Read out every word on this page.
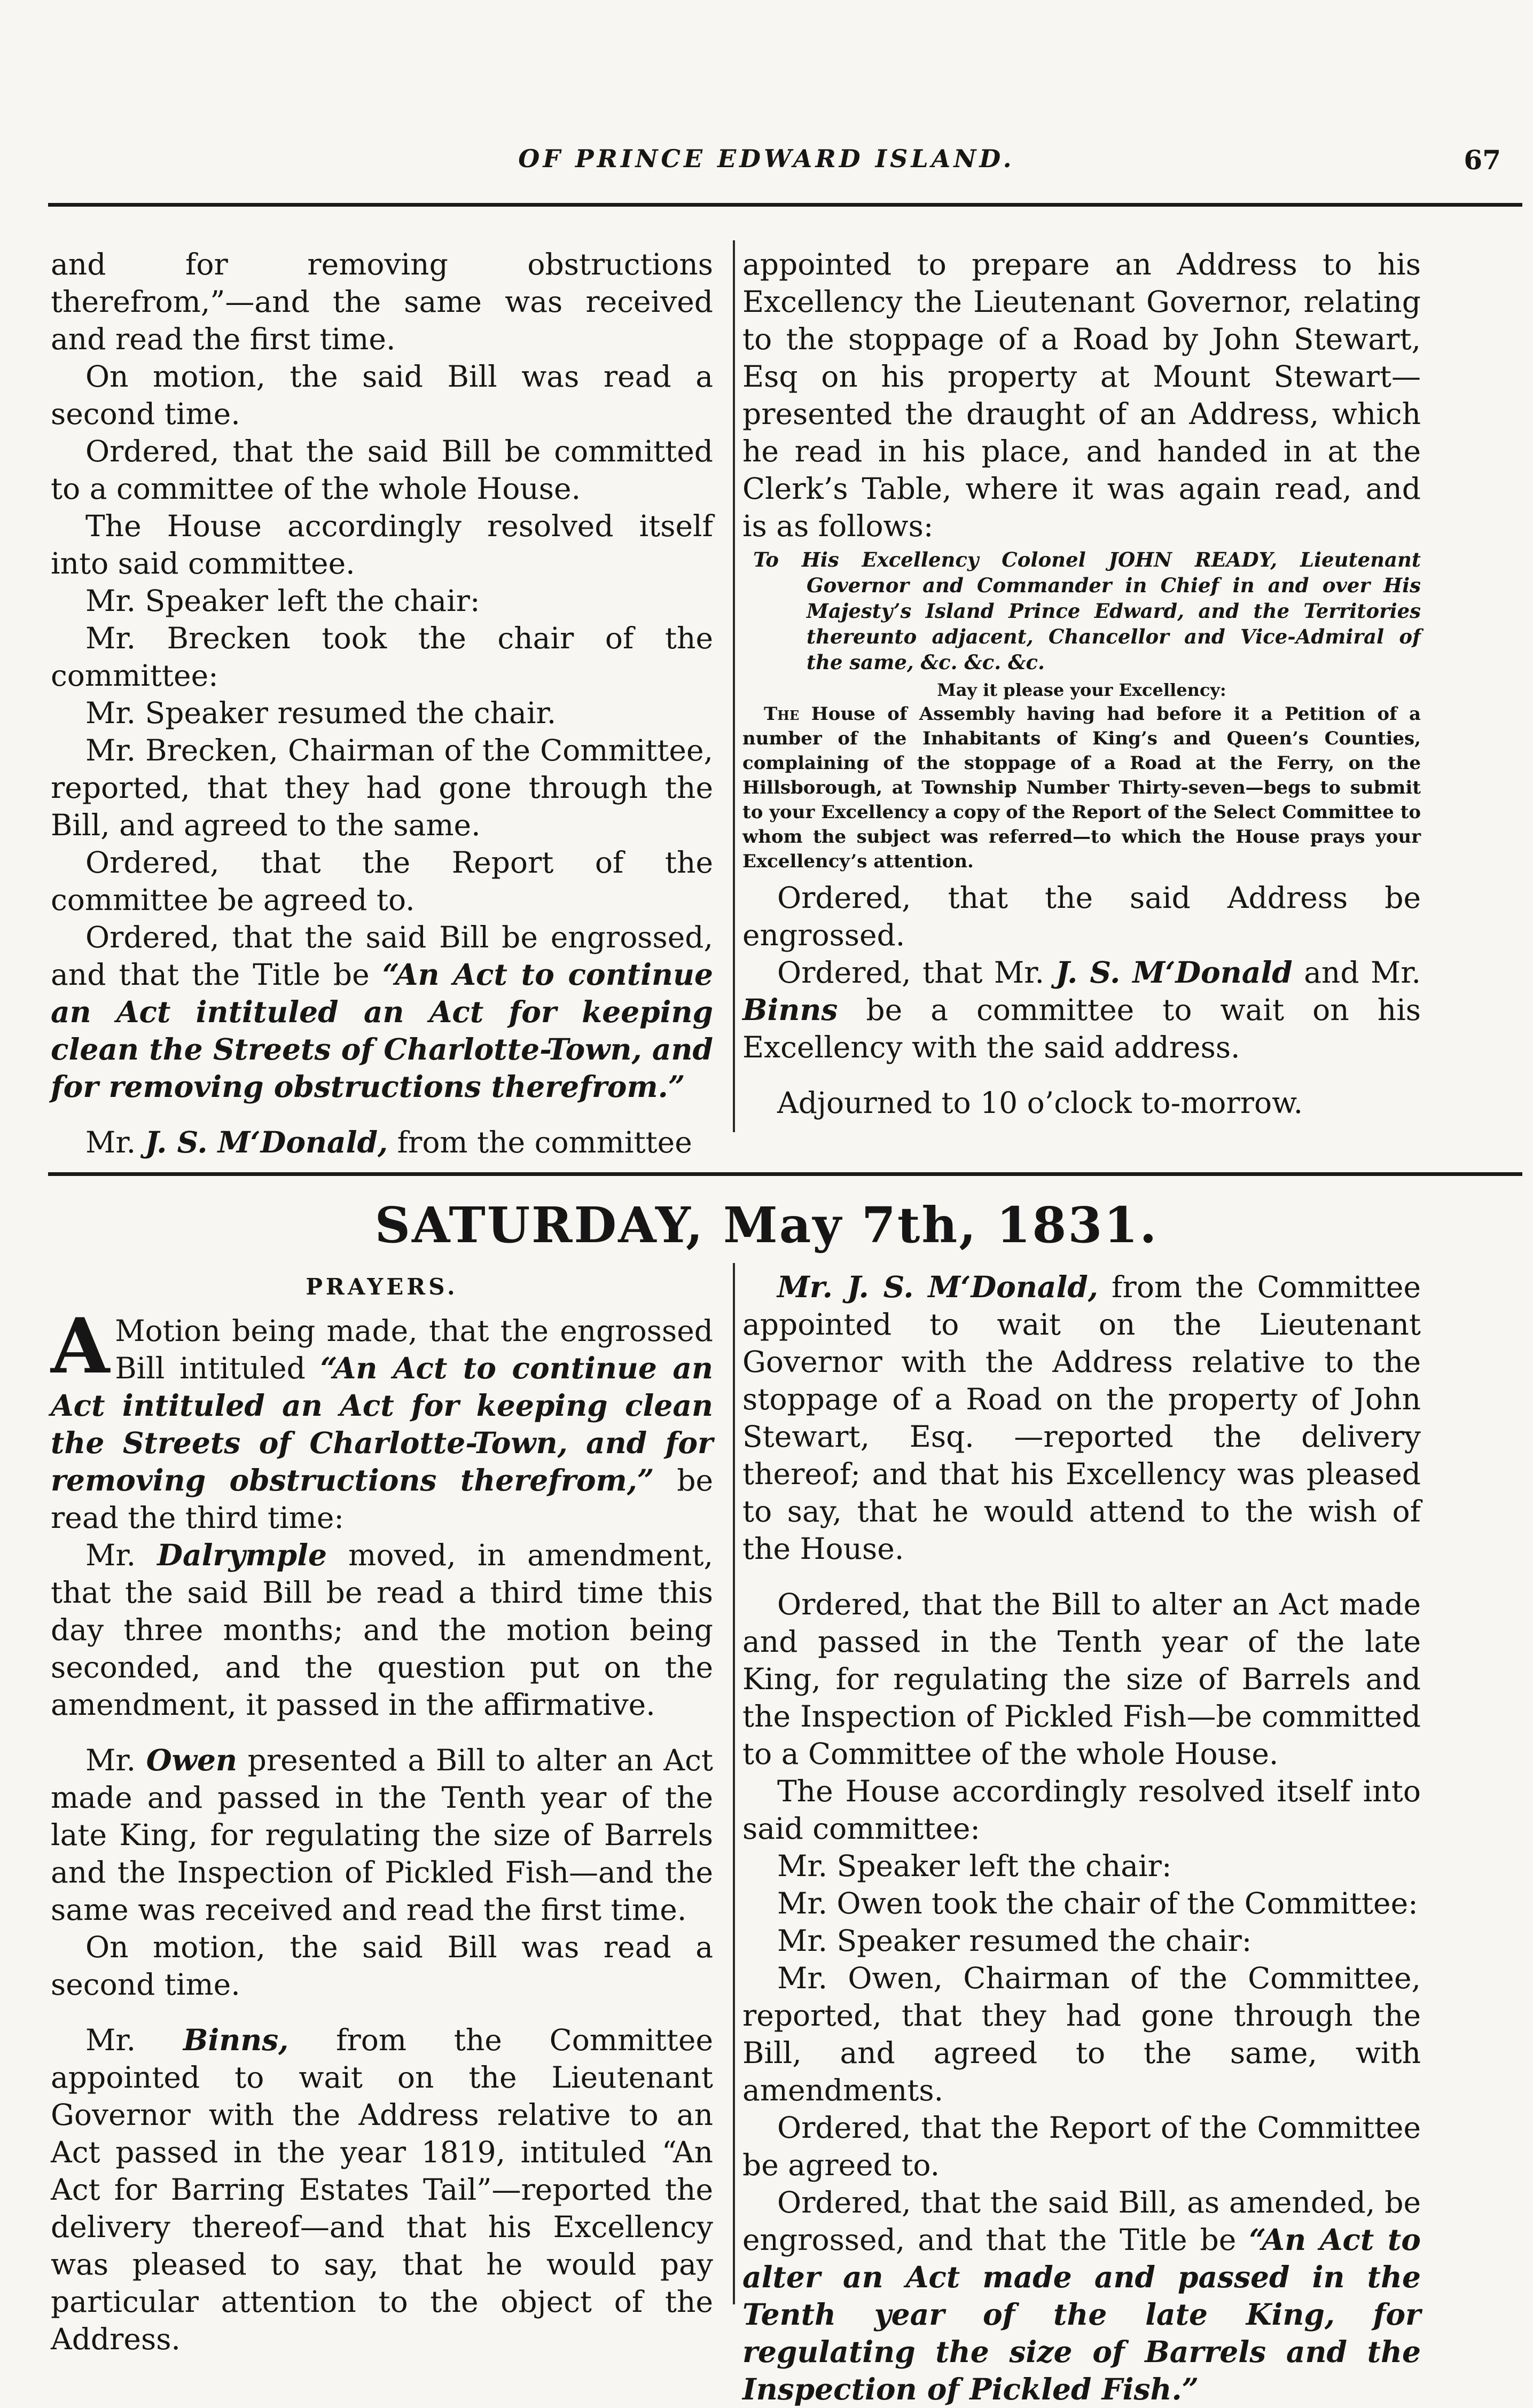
OF PRINCE EDWARD ISLAND.	67

and for removing obstructions therefrom,”—and the same was received and read the first time.

On motion, the said Bill was read a second time.

Ordered, that the said Bill be committed to a committee of the whole House.

The House accordingly resolved itself into said committee.

Mr. Speaker left the chair:

Mr. Brecken took the chair of the committee:

Mr. Speaker resumed the chair.

Mr. Brecken, Chairman of the Committee, reported, that they had gone through the Bill, and agreed to the same.

Ordered, that the Report of the committee be agreed to.

Ordered, that the said Bill be engrossed, and that the Title be “An Act to continue an Act intituled an Act for keeping clean the Streets of Charlotte-Town, and for removing obstructions therefrom.”

Mr. J. S. M‘Donald, from the committee

appointed to prepare an Address to his Excellency the Lieutenant Governor, relating to the stoppage of a Road by John Stewart, Esq on his property at Mount Stewart—presented the draught of an Address, which he read in his place, and handed in at the Clerk’s Table, where it was again read, and is as follows:

To His Excellency Colonel JOHN READY, Lieutenant Governor and Commander in Chief in and over His Majesty’s Island Prince Edward, and the Territories thereunto adjacent, Chancellor and Vice-Admiral of the same, &c. &c. &c.
May it please your Excellency:
The House of Assembly having had before it a Petition of a number of the Inhabitants of King’s and Queen’s Counties, complaining of the stoppage of a Road at the Ferry, on the Hillsborough, at Township Number Thirty-seven—begs to submit to your Excellency a copy of the Report of the Select Committee to whom the subject was referred—to which the House prays your Excellency’s attention.

Ordered, that the said Address be engrossed.

Ordered, that Mr. J. S. M‘Donald and Mr. Binns be a committee to wait on his Excellency with the said address.

Adjourned to 10 o’clock to-morrow.

SATURDAY, May 7th, 1831.
PRAYERS.

A Motion being made, that the engrossed Bill intituled “An Act to continue an Act intituled an Act for keeping clean the Streets of Charlotte-Town, and for removing obstructions therefrom,” be read the third time:

Mr. Dalrymple moved, in amendment, that the said Bill be read a third time this day three months; and the motion being seconded, and the question put on the amendment, it passed in the affirmative.

Mr. Owen presented a Bill to alter an Act made and passed in the Tenth year of the late King, for regulating the size of Barrels and the Inspection of Pickled Fish—and the same was received and read the first time.

On motion, the said Bill was read a second time.

Mr. Binns, from the Committee appointed to wait on the Lieutenant Governor with the Address relative to an Act passed in the year 1819, intituled “An Act for Barring Estates Tail”—reported the delivery thereof—and that his Excellency was pleased to say, that he would pay particular attention to the object of the Address.

Mr. J. S. M‘Donald, from the Committee appointed to wait on the Lieutenant Governor with the Address relative to the stoppage of a Road on the property of John Stewart, Esq. —reported the delivery thereof; and that his Excellency was pleased to say, that he would attend to the wish of the House.

Ordered, that the Bill to alter an Act made and passed in the Tenth year of the late King, for regulating the size of Barrels and the Inspection of Pickled Fish—be committed to a Committee of the whole House.

The House accordingly resolved itself into said committee:

Mr. Speaker left the chair:

Mr. Owen took the chair of the Committee:

Mr. Speaker resumed the chair:

Mr. Owen, Chairman of the Committee, reported, that they had gone through the Bill, and agreed to the same, with amendments.

Ordered, that the Report of the Committee be agreed to.

Ordered, that the said Bill, as amended, be engrossed, and that the Title be “An Act to alter an Act made and passed in the Tenth year of the late King, for regulating the size of Barrels and the Inspection of Pickled Fish.”
